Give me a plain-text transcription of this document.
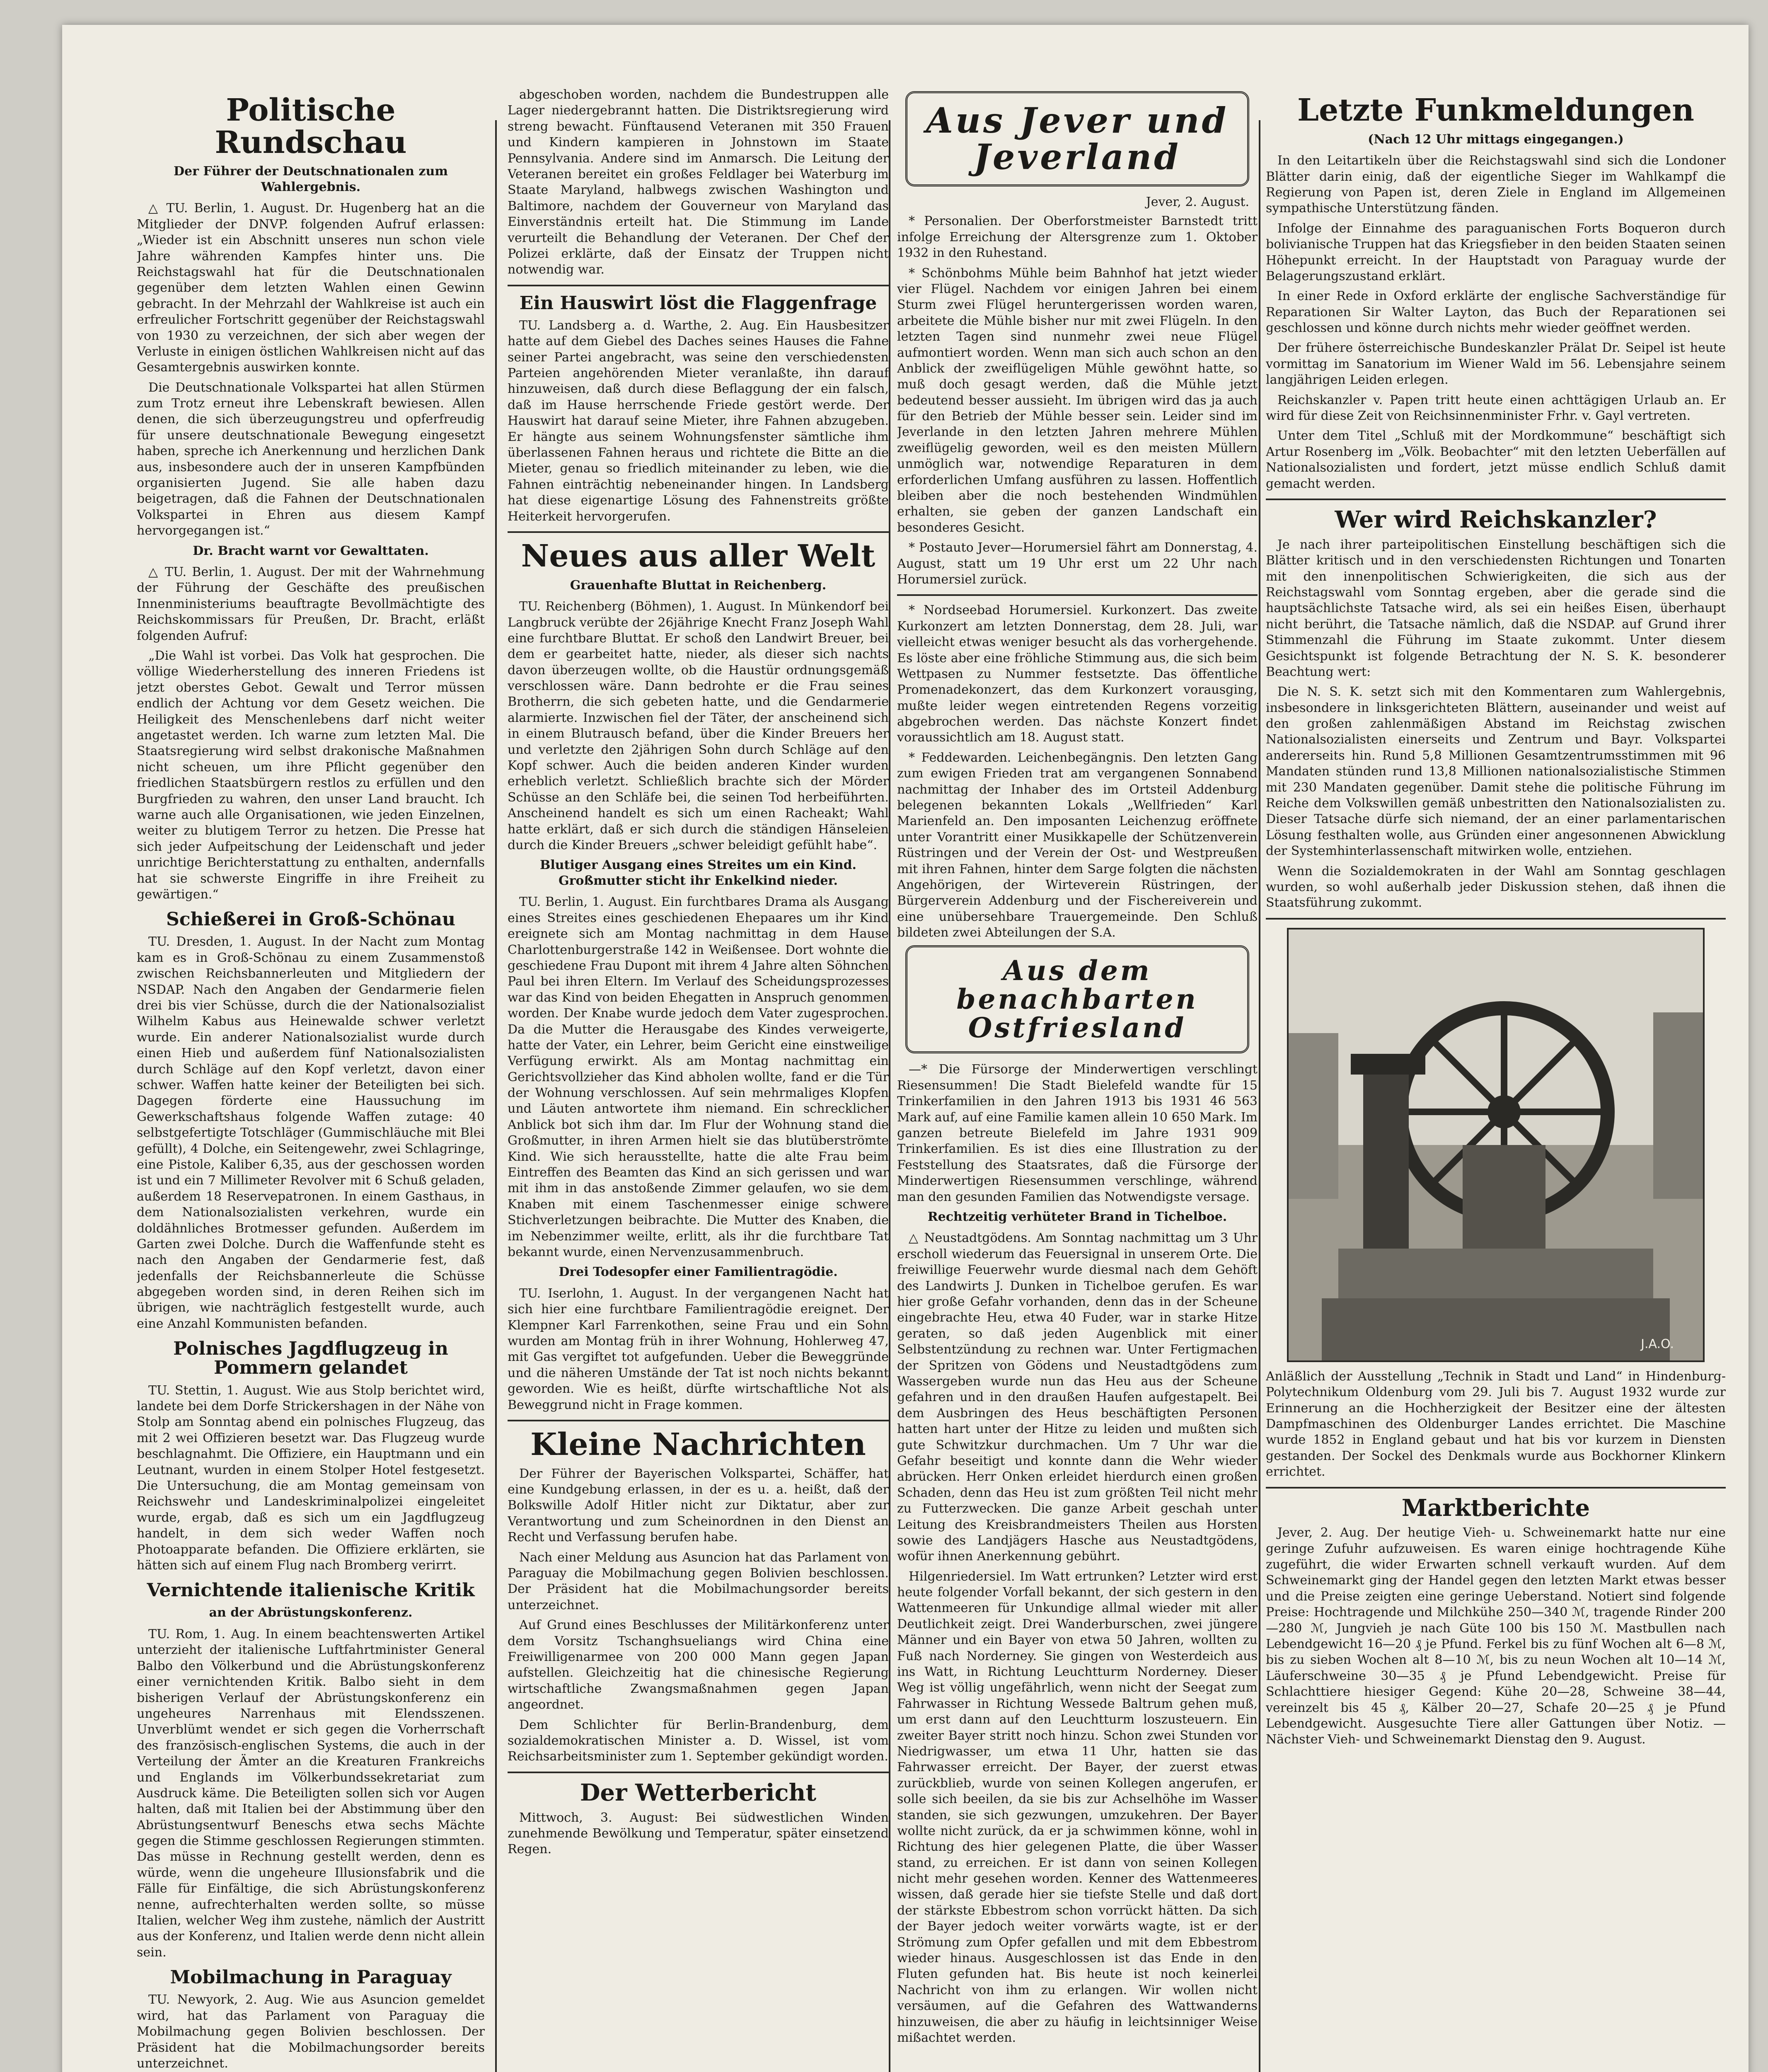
Politische Rundschau
Der Führer der Deutschnationalen zum Wahlergebnis.

△ TU. Berlin, 1. August. Dr. Hugenberg hat an die Mitglieder der DNVP. folgenden Aufruf erlassen: „Wieder ist ein Abschnitt unseres nun schon viele Jahre währenden Kampfes hinter uns. Die Reichstagswahl hat für die Deutschnationalen gegenüber dem letzten Wahlen einen Gewinn gebracht. In der Mehrzahl der Wahlkreise ist auch ein erfreulicher Fortschritt gegenüber der Reichstagswahl von 1930 zu verzeichnen, der sich aber wegen der Verluste in einigen östlichen Wahlkreisen nicht auf das Gesamtergebnis auswirken konnte.

Die Deutschnationale Volkspartei hat allen Stürmen zum Trotz erneut ihre Lebenskraft bewiesen. Allen denen, die sich überzeugungstreu und opferfreudig für unsere deutschnationale Bewegung eingesetzt haben, spreche ich Anerkennung und herzlichen Dank aus, insbesondere auch der in unseren Kampfbünden organisierten Jugend. Sie alle haben dazu beigetragen, daß die Fahnen der Deutschnationalen Volkspartei in Ehren aus diesem Kampf hervorgegangen ist.“

Dr. Bracht warnt vor Gewalttaten.

△ TU. Berlin, 1. August. Der mit der Wahrnehmung der Führung der Geschäfte des preußischen Innenministeriums beauftragte Bevollmächtigte des Reichskommissars für Preußen, Dr. Bracht, erläßt folgenden Aufruf:

„Die Wahl ist vorbei. Das Volk hat gesprochen. Die völlige Wiederherstellung des inneren Friedens ist jetzt oberstes Gebot. Gewalt und Terror müssen endlich der Achtung vor dem Gesetz weichen. Die Heiligkeit des Menschenlebens darf nicht weiter angetastet werden. Ich warne zum letzten Mal. Die Staatsregierung wird selbst drakonische Maßnahmen nicht scheuen, um ihre Pflicht gegenüber den friedlichen Staatsbürgern restlos zu erfüllen und den Burgfrieden zu wahren, den unser Land braucht. Ich warne auch alle Organisationen, wie jeden Einzelnen, weiter zu blutigem Terror zu hetzen. Die Presse hat sich jeder Aufpeitschung der Leidenschaft und jeder unrichtige Berichterstattung zu enthalten, andernfalls hat sie schwerste Eingriffe in ihre Freiheit zu gewärtigen.“

Schießerei in Groß-Schönau

TU. Dresden, 1. August. In der Nacht zum Montag kam es in Groß-Schönau zu einem Zusammenstoß zwischen Reichsbannerleuten und Mitgliedern der NSDAP. Nach den Angaben der Gendarmerie fielen drei bis vier Schüsse, durch die der Nationalsozialist Wilhelm Kabus aus Heinewalde schwer verletzt wurde. Ein anderer Nationalsozialist wurde durch einen Hieb und außerdem fünf Nationalsozialisten durch Schläge auf den Kopf verletzt, davon einer schwer. Waffen hatte keiner der Beteiligten bei sich. Dagegen förderte eine Haussuchung im Gewerkschaftshaus folgende Waffen zutage: 40 selbstgefertigte Totschläger (Gummischläuche mit Blei gefüllt), 4 Dolche, ein Seitengewehr, zwei Schlagringe, eine Pistole, Kaliber 6,35, aus der geschossen worden ist und ein 7 Millimeter Revolver mit 6 Schuß geladen, außerdem 18 Reservepatronen. In einem Gasthaus, in dem Nationalsozialisten verkehren, wurde ein doldähnliches Brotmesser gefunden. Außerdem im Garten zwei Dolche. Durch die Waffenfunde steht es nach den Angaben der Gendarmerie fest, daß jedenfalls der Reichsbannerleute die Schüsse abgegeben worden sind, in deren Reihen sich im übrigen, wie nachträglich festgestellt wurde, auch eine Anzahl Kommunisten befanden.

Polnisches Jagdflugzeug in Pommern gelandet

TU. Stettin, 1. August. Wie aus Stolp berichtet wird, landete bei dem Dorfe Strickershagen in der Nähe von Stolp am Sonntag abend ein polnisches Flugzeug, das mit 2 wei Offizieren besetzt war. Das Flugzeug wurde beschlagnahmt. Die Offiziere, ein Hauptmann und ein Leutnant, wurden in einem Stolper Hotel festgesetzt. Die Untersuchung, die am Montag gemeinsam von Reichswehr und Landeskriminalpolizei eingeleitet wurde, ergab, daß es sich um ein Jagdflugzeug handelt, in dem sich weder Waffen noch Photoapparate befanden. Die Offiziere erklärten, sie hätten sich auf einem Flug nach Bromberg verirrt.

Vernichtende italienische Kritik
an der Abrüstungskonferenz.

TU. Rom, 1. Aug. In einem beachtenswerten Artikel unterzieht der italienische Luftfahrtminister General Balbo den Völkerbund und die Abrüstungskonferenz einer vernichtenden Kritik. Balbo sieht in dem bisherigen Verlauf der Abrüstungskonferenz ein ungeheures Narrenhaus mit Elendsszenen. Unverblümt wendet er sich gegen die Vorherrschaft des französisch-englischen Systems, die auch in der Verteilung der Ämter an die Kreaturen Frankreichs und Englands im Völkerbundssekretariat zum Ausdruck käme. Die Beteiligten sollen sich vor Augen halten, daß mit Italien bei der Abstimmung über den Abrüstungsentwurf Beneschs etwa sechs Mächte gegen die Stimme geschlossen Regierungen stimmten. Das müsse in Rechnung gestellt werden, denn es würde, wenn die ungeheure Illusionsfabrik und die Fälle für Einfältige, die sich Abrüstungskonferenz nenne, aufrechterhalten werden sollte, so müsse Italien, welcher Weg ihm zustehe, nämlich der Austritt aus der Konferenz, und Italien werde denn nicht allein sein.

Mobilmachung in Paraguay

TU. Newyork, 2. Aug. Wie aus Asuncion gemeldet wird, hat das Parlament von Paraguay die Mobilmachung gegen Bolivien beschlossen. Der Präsident hat die Mobilmachungsorder bereits unterzeichnet.

abgeschoben worden, nachdem die Bundestruppen alle Lager niedergebrannt hatten. Die Distriktsregierung wird streng bewacht. Fünftausend Veteranen mit 350 Frauen und Kindern kampieren in Johnstown im Staate Pennsylvania. Andere sind im Anmarsch. Die Leitung der Veteranen bereitet ein großes Feldlager bei Waterburg im Staate Maryland, halbwegs zwischen Washington und Baltimore, nachdem der Gouverneur von Maryland das Einverständnis erteilt hat. Die Stimmung im Lande verurteilt die Behandlung der Veteranen. Der Chef der Polizei erklärte, daß der Einsatz der Truppen nicht notwendig war.

Ein Hauswirt löst die Flaggenfrage

TU. Landsberg a. d. Warthe, 2. Aug. Ein Hausbesitzer hatte auf dem Giebel des Daches seines Hauses die Fahne seiner Partei angebracht, was seine den verschiedensten Parteien angehörenden Mieter veranlaßte, ihn darauf hinzuweisen, daß durch diese Beflaggung der ein falsch, daß im Hause herrschende Friede gestört werde. Der Hauswirt hat darauf seine Mieter, ihre Fahnen abzugeben. Er hängte aus seinem Wohnungsfenster sämtliche ihm überlassenen Fahnen heraus und richtete die Bitte an die Mieter, genau so friedlich miteinander zu leben, wie die Fahnen einträchtig nebeneinander hingen. In Landsberg hat diese eigenartige Lösung des Fahnenstreits größte Heiterkeit hervorgerufen.

Neues aus aller Welt
Grauenhafte Bluttat in Reichenberg.

TU. Reichenberg (Böhmen), 1. August. In Münkendorf bei Langbruck verübte der 26jährige Knecht Franz Joseph Wahl eine furchtbare Bluttat. Er schoß den Landwirt Breuer, bei dem er gearbeitet hatte, nieder, als dieser sich nachts davon überzeugen wollte, ob die Haustür ordnungsgemäß verschlossen wäre. Dann bedrohte er die Frau seines Brotherrn, die sich gebeten hatte, und die Gendarmerie alarmierte. Inzwischen fiel der Täter, der anscheinend sich in einem Blutrausch befand, über die Kinder Breuers her und verletzte den 2jährigen Sohn durch Schläge auf den Kopf schwer. Auch die beiden anderen Kinder wurden erheblich verletzt. Schließlich brachte sich der Mörder Schüsse an den Schläfe bei, die seinen Tod herbeiführten. Anscheinend handelt es sich um einen Racheakt; Wahl hatte erklärt, daß er sich durch die ständigen Hänseleien durch die Kinder Breuers „schwer beleidigt gefühlt habe“.

Blutiger Ausgang eines Streites um ein Kind. Großmutter sticht ihr Enkelkind nieder.

TU. Berlin, 1. August. Ein furchtbares Drama als Ausgang eines Streites eines geschiedenen Ehepaares um ihr Kind ereignete sich am Montag nachmittag in dem Hause Charlottenburgerstraße 142 in Weißensee. Dort wohnte die geschiedene Frau Dupont mit ihrem 4 Jahre alten Söhnchen Paul bei ihren Eltern. Im Verlauf des Scheidungsprozesses war das Kind von beiden Ehegatten in Anspruch genommen worden. Der Knabe wurde jedoch dem Vater zugesprochen. Da die Mutter die Herausgabe des Kindes verweigerte, hatte der Vater, ein Lehrer, beim Gericht eine einstweilige Verfügung erwirkt. Als am Montag nachmittag ein Gerichtsvollzieher das Kind abholen wollte, fand er die Tür der Wohnung verschlossen. Auf sein mehrmaliges Klopfen und Läuten antwortete ihm niemand. Ein schrecklicher Anblick bot sich ihm dar. Im Flur der Wohnung stand die Großmutter, in ihren Armen hielt sie das blutüberströmte Kind. Wie sich herausstellte, hatte die alte Frau beim Eintreffen des Beamten das Kind an sich gerissen und war mit ihm in das anstoßende Zimmer gelaufen, wo sie dem Knaben mit einem Taschenmesser einige schwere Stichverletzungen beibrachte. Die Mutter des Knaben, die im Nebenzimmer weilte, erlitt, als ihr die furchtbare Tat bekannt wurde, einen Nervenzusammenbruch.

Drei Todesopfer einer Familientragödie.

TU. Iserlohn, 1. August. In der vergangenen Nacht hat sich hier eine furchtbare Familientragödie ereignet. Der Klempner Karl Farrenkothen, seine Frau und ein Sohn wurden am Montag früh in ihrer Wohnung, Hohlerweg 47, mit Gas vergiftet tot aufgefunden. Ueber die Beweggründe und die näheren Umstände der Tat ist noch nichts bekannt geworden. Wie es heißt, dürfte wirtschaftliche Not als Beweggrund nicht in Frage kommen.

Kleine Nachrichten

Der Führer der Bayerischen Volkspartei, Schäffer, hat eine Kundgebung erlassen, in der es u. a. heißt, daß der Bolkswille Adolf Hitler nicht zur Diktatur, aber zur Verantwortung und zum Scheinordnen in den Dienst an Recht und Verfassung berufen habe.

Nach einer Meldung aus Asuncion hat das Parlament von Paraguay die Mobilmachung gegen Bolivien beschlossen. Der Präsident hat die Mobilmachungsorder bereits unterzeichnet.

Auf Grund eines Beschlusses der Militärkonferenz unter dem Vorsitz Tschanghsueliangs wird China eine Freiwilligenarmee von 200 000 Mann gegen Japan aufstellen. Gleichzeitig hat die chinesische Regierung wirtschaftliche Zwangsmaßnahmen gegen Japan angeordnet.

Dem Schlichter für Berlin-Brandenburg, dem sozialdemokratischen Minister a. D. Wissel, ist vom Reichsarbeitsminister zum 1. September gekündigt worden.

Der Wetterbericht

Mittwoch, 3. August: Bei südwestlichen Winden zunehmende Bewölkung und Temperatur, später einsetzend Regen.

Aus Jever und Jeverland
Jever, 2. August.

* Personalien. Der Oberforstmeister Barnstedt tritt infolge Erreichung der Altersgrenze zum 1. Oktober 1932 in den Ruhestand.

* Schönbohms Mühle beim Bahnhof hat jetzt wieder vier Flügel. Nachdem vor einigen Jahren bei einem Sturm zwei Flügel heruntergerissen worden waren, arbeitete die Mühle bisher nur mit zwei Flügeln. In den letzten Tagen sind nunmehr zwei neue Flügel aufmontiert worden. Wenn man sich auch schon an den Anblick der zweiflügeligen Mühle gewöhnt hatte, so muß doch gesagt werden, daß die Mühle jetzt bedeutend besser aussieht. Im übrigen wird das ja auch für den Betrieb der Mühle besser sein. Leider sind im Jeverlande in den letzten Jahren mehrere Mühlen zweiflügelig geworden, weil es den meisten Müllern unmöglich war, notwendige Reparaturen in dem erforderlichen Umfang ausführen zu lassen. Hoffentlich bleiben aber die noch bestehenden Windmühlen erhalten, sie geben der ganzen Landschaft ein besonderes Gesicht.

* Postauto Jever—Horumersiel fährt am Donnerstag, 4. August, statt um 19 Uhr erst um 22 Uhr nach Horumersiel zurück.

* Nordseebad Horumersiel. Kurkonzert. Das zweite Kurkonzert am letzten Donnerstag, dem 28. Juli, war vielleicht etwas weniger besucht als das vorhergehende. Es löste aber eine fröhliche Stimmung aus, die sich beim Wettpasen zu Nummer festsetzte. Das öffentliche Promenadekonzert, das dem Kurkonzert vorausging, mußte leider wegen eintretenden Regens vorzeitig abgebrochen werden. Das nächste Konzert findet voraussichtlich am 18. August statt.

* Feddewarden. Leichenbegängnis. Den letzten Gang zum ewigen Frieden trat am vergangenen Sonnabend nachmittag der Inhaber des im Ortsteil Addenburg belegenen bekannten Lokals „Wellfrieden“ Karl Marienfeld an. Den imposanten Leichenzug eröffnete unter Vorantritt einer Musikkapelle der Schützenverein Rüstringen und der Verein der Ost- und Westpreußen mit ihren Fahnen, hinter dem Sarge folgten die nächsten Angehörigen, der Wirteverein Rüstringen, der Bürgerverein Addenburg und der Fischereiverein und eine unübersehbare Trauergemeinde. Den Schluß bildeten zwei Abteilungen der S.A.

Aus dem benachbarten Ostfriesland

—* Die Fürsorge der Minderwertigen verschlingt Riesensummen! Die Stadt Bielefeld wandte für 15 Trinkerfamilien in den Jahren 1913 bis 1931 46 563 Mark auf, auf eine Familie kamen allein 10 650 Mark. Im ganzen betreute Bielefeld im Jahre 1931 909 Trinkerfamilien. Es ist dies eine Illustration zu der Feststellung des Staatsrates, daß die Fürsorge der Minderwertigen Riesensummen verschlinge, während man den gesunden Familien das Notwendigste versage.

Rechtzeitig verhüteter Brand in Tichelboe.

△ Neustadtgödens. Am Sonntag nachmittag um 3 Uhr erscholl wiederum das Feuersignal in unserem Orte. Die freiwillige Feuerwehr wurde diesmal nach dem Gehöft des Landwirts J. Dunken in Tichelboe gerufen. Es war hier große Gefahr vorhanden, denn das in der Scheune eingebrachte Heu, etwa 40 Fuder, war in starke Hitze geraten, so daß jeden Augenblick mit einer Selbstentzündung zu rechnen war. Unter Fertigmachen der Spritzen von Gödens und Neustadtgödens zum Wassergeben wurde nun das Heu aus der Scheune gefahren und in den draußen Haufen aufgestapelt. Bei dem Ausbringen des Heus beschäftigten Personen hatten hart unter der Hitze zu leiden und mußten sich gute Schwitzkur durchmachen. Um 7 Uhr war die Gefahr beseitigt und konnte dann die Wehr wieder abrücken. Herr Onken erleidet hierdurch einen großen Schaden, denn das Heu ist zum größten Teil nicht mehr zu Futterzwecken. Die ganze Arbeit geschah unter Leitung des Kreisbrandmeisters Theilen aus Horsten sowie des Landjägers Hasche aus Neustadtgödens, wofür ihnen Anerkennung gebührt.

Hilgenriedersiel. Im Watt ertrunken? Letzter wird erst heute folgender Vorfall bekannt, der sich gestern in den Wattenmeeren für Unkundige allmal wieder mit aller Deutlichkeit zeigt. Drei Wanderburschen, zwei jüngere Männer und ein Bayer von etwa 50 Jahren, wollten zu Fuß nach Norderney. Sie gingen von Westerdeich aus ins Watt, in Richtung Leuchtturm Norderney. Dieser Weg ist völlig ungefährlich, wenn nicht der Seegat zum Fahrwasser in Richtung Wessede Baltrum gehen muß, um erst dann auf den Leuchtturm loszusteuern. Ein zweiter Bayer stritt noch hinzu. Schon zwei Stunden vor Niedrigwasser, um etwa 11 Uhr, hatten sie das Fahrwasser erreicht. Der Bayer, der zuerst etwas zurückblieb, wurde von seinen Kollegen angerufen, er solle sich beeilen, da sie bis zur Achselhöhe im Wasser standen, sie sich gezwungen, umzukehren. Der Bayer wollte nicht zurück, da er ja schwimmen könne, wohl in Richtung des hier gelegenen Platte, die über Wasser stand, zu erreichen. Er ist dann von seinen Kollegen nicht mehr gesehen worden. Kenner des Wattenmeeres wissen, daß gerade hier sie tiefste Stelle und daß dort der stärkste Ebbestrom schon vorrückt hätten. Da sich der Bayer jedoch weiter vorwärts wagte, ist er der Strömung zum Opfer gefallen und mit dem Ebbestrom wieder hinaus. Ausgeschlossen ist das Ende in den Fluten gefunden hat. Bis heute ist noch keinerlei Nachricht von ihm zu erlangen. Wir wollen nicht versäumen, auf die Gefahren des Wattwanderns hinzuweisen, die aber zu häufig in leichtsinniger Weise mißachtet werden.

Letzte Funkmeldungen
(Nach 12 Uhr mittags eingegangen.)

In den Leitartikeln über die Reichstagswahl sind sich die Londoner Blätter darin einig, daß der eigentliche Sieger im Wahlkampf die Regierung von Papen ist, deren Ziele in England im Allgemeinen sympathische Unterstützung fänden.

Infolge der Einnahme des paraguanischen Forts Boqueron durch bolivianische Truppen hat das Kriegsfieber in den beiden Staaten seinen Höhepunkt erreicht. In der Hauptstadt von Paraguay wurde der Belagerungszustand erklärt.

In einer Rede in Oxford erklärte der englische Sachverständige für Reparationen Sir Walter Layton, das Buch der Reparationen sei geschlossen und könne durch nichts mehr wieder geöffnet werden.

Der frühere österreichische Bundeskanzler Prälat Dr. Seipel ist heute vormittag im Sanatorium im Wiener Wald im 56. Lebensjahre seinem langjährigen Leiden erlegen.

Reichskanzler v. Papen tritt heute einen achttägigen Urlaub an. Er wird für diese Zeit von Reichsinnenminister Frhr. v. Gayl vertreten.

Unter dem Titel „Schluß mit der Mordkommune“ beschäftigt sich Artur Rosenberg im „Völk. Beobachter“ mit den letzten Ueberfällen auf Nationalsozialisten und fordert, jetzt müsse endlich Schluß damit gemacht werden.

Wer wird Reichskanzler?

Je nach ihrer parteipolitischen Einstellung beschäftigen sich die Blätter kritisch und in den verschiedensten Richtungen und Tonarten mit den innenpolitischen Schwierigkeiten, die sich aus der Reichstagswahl vom Sonntag ergeben, aber die gerade sind die hauptsächlichste Tatsache wird, als sei ein heißes Eisen, überhaupt nicht berührt, die Tatsache nämlich, daß die NSDAP. auf Grund ihrer Stimmenzahl die Führung im Staate zukommt. Unter diesem Gesichtspunkt ist folgende Betrachtung der N. S. K. besonderer Beachtung wert:

Die N. S. K. setzt sich mit den Kommentaren zum Wahlergebnis, insbesondere in linksgerichteten Blättern, auseinander und weist auf den großen zahlenmäßigen Abstand im Reichstag zwischen Nationalsozialisten einerseits und Zentrum und Bayr. Volkspartei andererseits hin. Rund 5,8 Millionen Gesamtzentrumsstimmen mit 96 Mandaten stünden rund 13,8 Millionen nationalsozialistische Stimmen mit 230 Mandaten gegenüber. Damit stehe die politische Führung im Reiche dem Volkswillen gemäß unbestritten den Nationalsozialisten zu. Dieser Tatsache dürfe sich niemand, der an einer parlamentarischen Lösung festhalten wolle, aus Gründen einer angesonnenen Abwicklung der Systemhinterlassenschaft mitwirken wolle, entziehen.

Wenn die Sozialdemokraten in der Wahl am Sonntag geschlagen wurden, so wohl außerhalb jeder Diskussion stehen, daß ihnen die Staatsführung zukommt.

J.A.O.
Anläßlich der Ausstellung „Technik in Stadt und Land“ in Hindenburg-Polytechnikum Oldenburg vom 29. Juli bis 7. August 1932 wurde zur Erinnerung an die Hochherzigkeit der Besitzer eine der ältesten Dampfmaschinen des Oldenburger Landes errichtet. Die Maschine wurde 1852 in England gebaut und hat bis vor kurzem in Diensten gestanden. Der Sockel des Denkmals wurde aus Bockhorner Klinkern errichtet.
Marktberichte

Jever, 2. Aug. Der heutige Vieh- u. Schweinemarkt hatte nur eine geringe Zufuhr aufzuweisen. Es waren einige hochtragende Kühe zugeführt, die wider Erwarten schnell verkauft wurden. Auf dem Schweinemarkt ging der Handel gegen den letzten Markt etwas besser und die Preise zeigten eine geringe Ueberstand. Notiert sind folgende Preise: Hochtragende und Milchkühe 250—340 ℳ, tragende Rinder 200—280 ℳ, Jungvieh je nach Güte 100 bis 150 ℳ. Mastbullen nach Lebendgewicht 16—20 ₰ je Pfund. Ferkel bis zu fünf Wochen alt 6—8 ℳ, bis zu sieben Wochen alt 8—10 ℳ, bis zu neun Wochen alt 10—14 ℳ, Läuferschweine 30—35 ₰ je Pfund Lebendgewicht. Preise für Schlachttiere hiesiger Gegend: Kühe 20—28, Schweine 38—44, vereinzelt bis 45 ₰, Kälber 20—27, Schafe 20—25 ₰ je Pfund Lebendgewicht. Ausgesuchte Tiere aller Gattungen über Notiz. — Nächster Vieh- und Schweinemarkt Dienstag den 9. August.
